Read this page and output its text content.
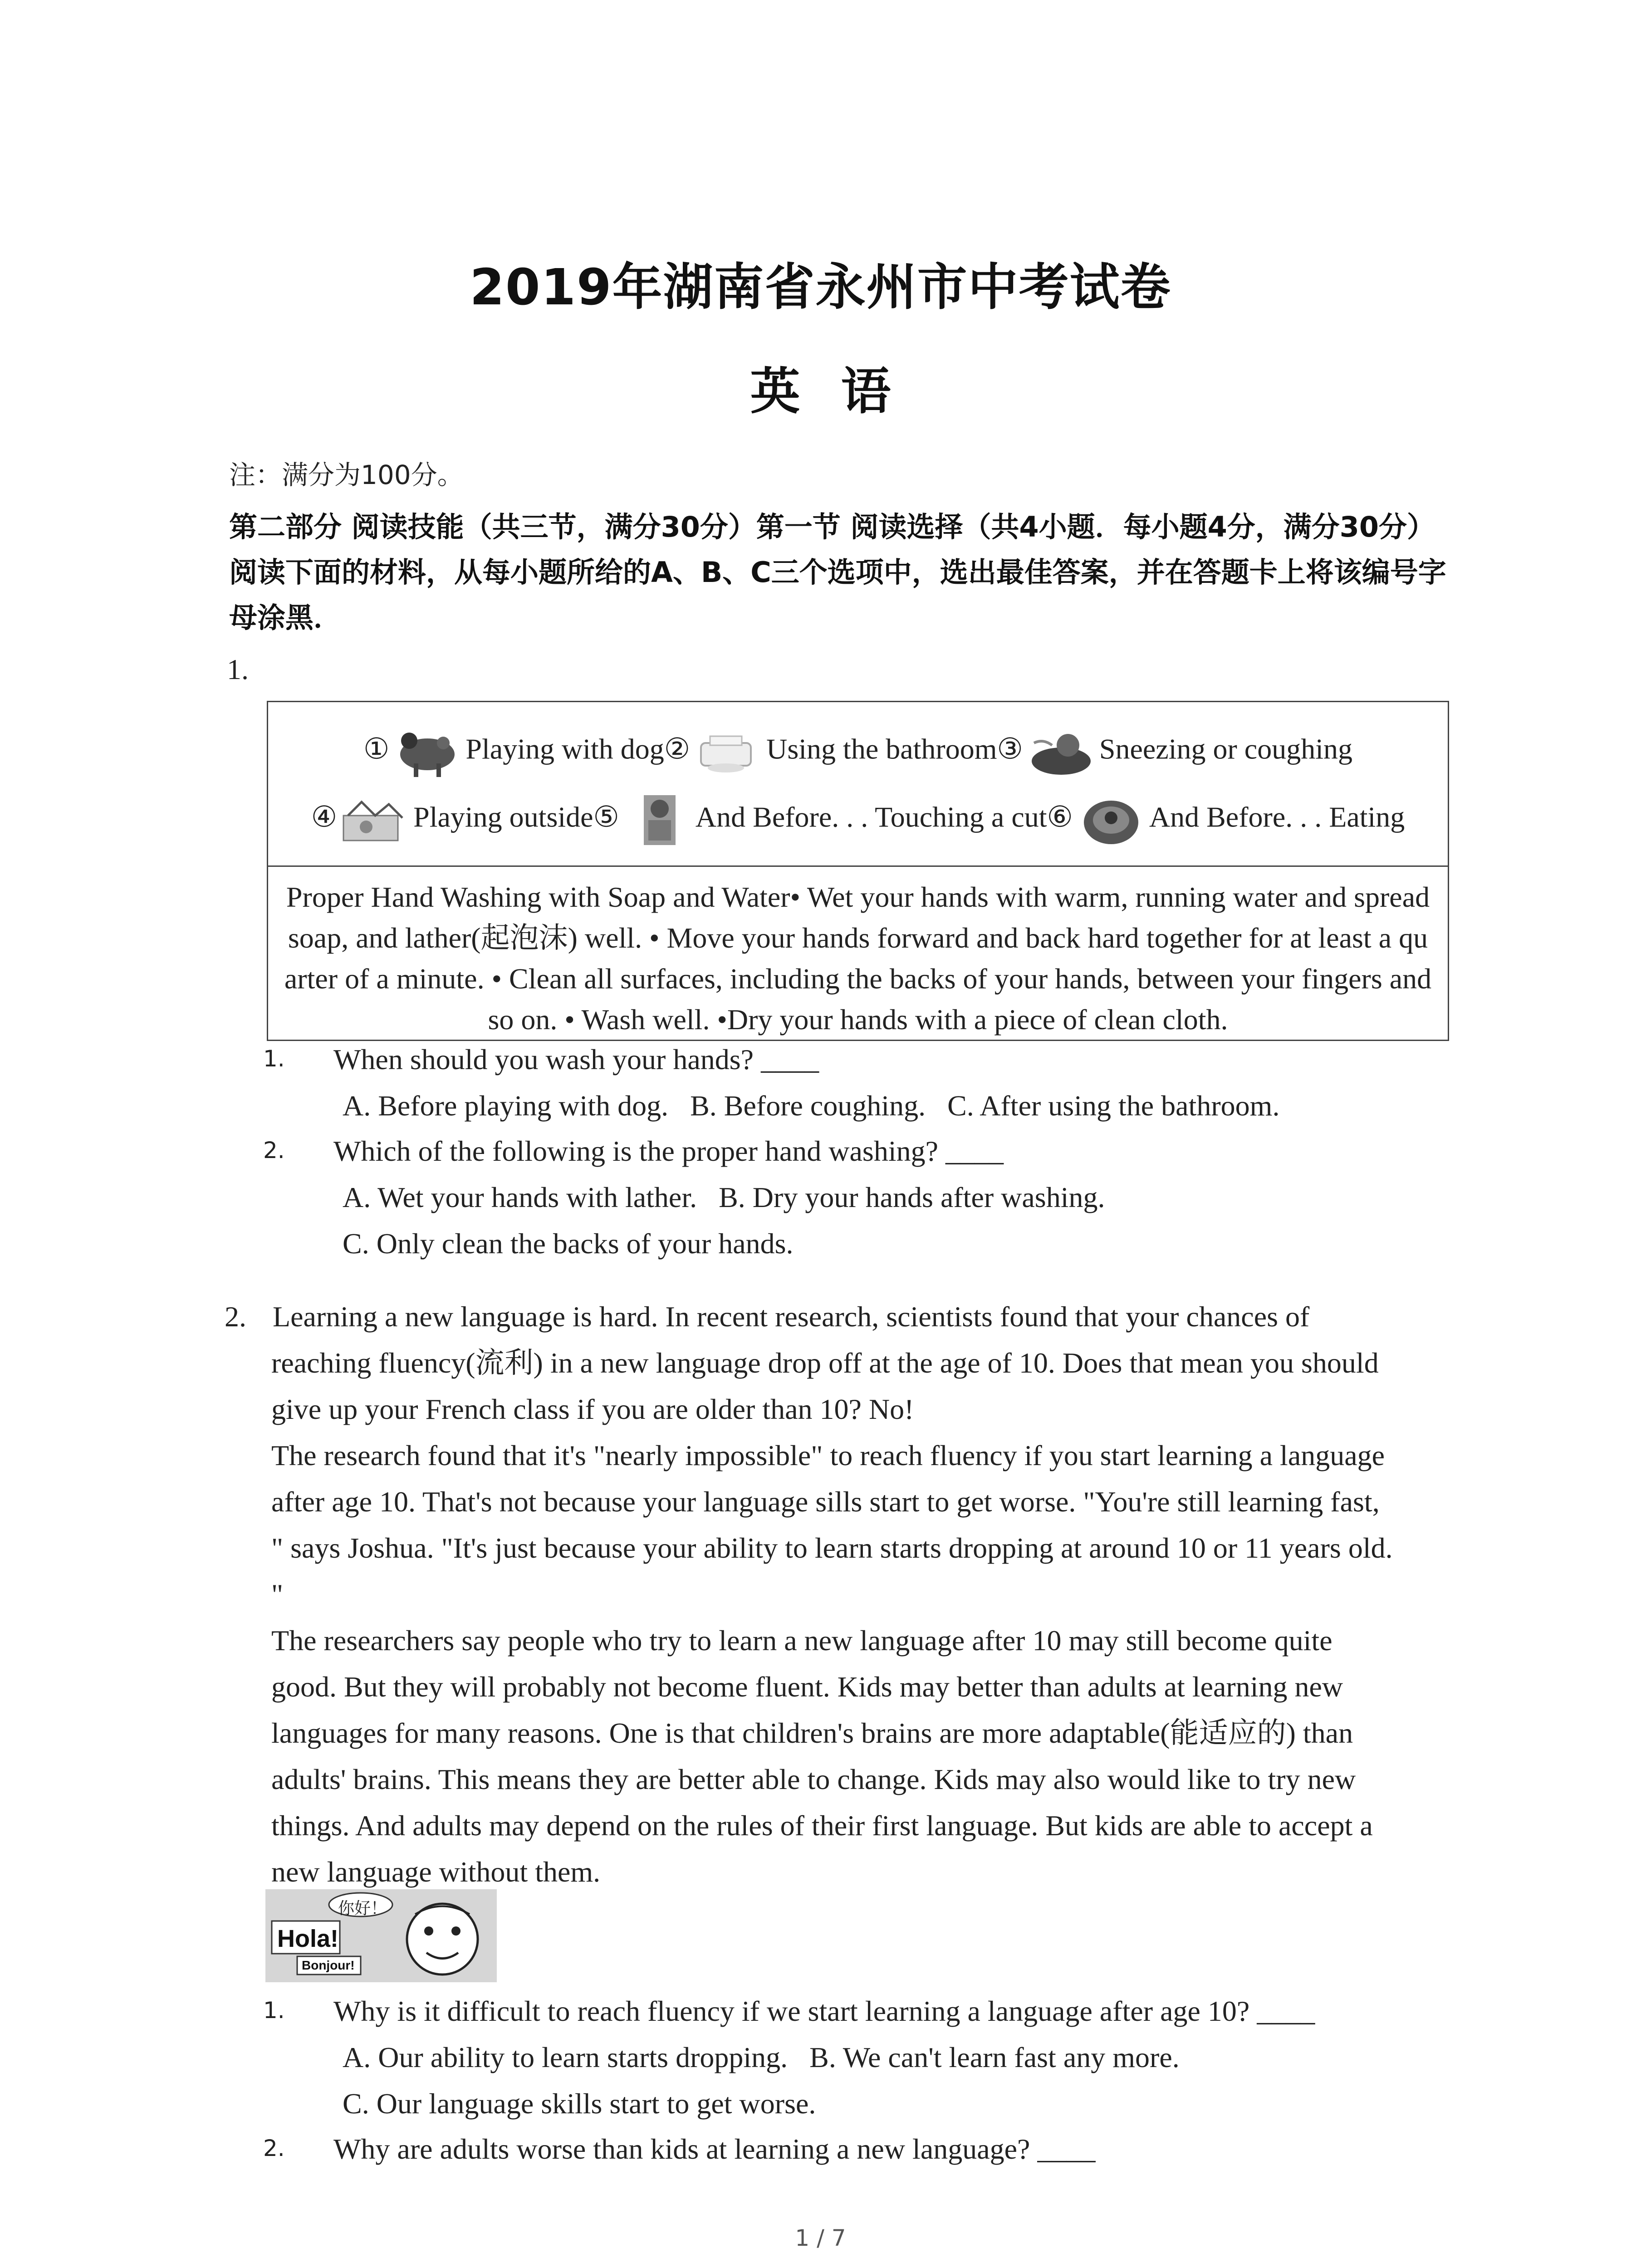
2019年湖南省永州市中考试卷
英语
注：满分为100分。
第二部分 阅读技能（共三节，满分30分）第一节 阅读选择（共4小题．每小题4分，满分30分）阅读下面的材料，从每小题所给的A、B、C三个选项中，选出最佳答案，并在答题卡上将该编号字母涂黑．
1.
①	Playing with dog②	Using the bathroom③	Sneezing or coughing
④	Playing outside⑤	And Before. . . Touching a cut⑥	And Before. . . Eating
Proper Hand Washing with Soap and Water• Wet your hands with warm, running water and spread soap, and lather(起泡沫) well. • Move your hands forward and back hard together for at least a quarter of a minute. • Clean all surfaces, including the backs of your hands, between your fingers and so on. • Wash well. •Dry your hands with a piece of clean cloth.
1. When should you wash your hands? ____
A. Before playing with dog.   B. Before coughing.   C. After using the bathroom.
2. Which of the following is the proper hand washing? ____
A. Wet your hands with lather.   B. Dry your hands after washing.
C. Only clean the backs of your hands.
2. Learning a new language is hard. In recent research, scientists found that your chances of
reaching fluency(流利) in a new language drop off at the age of 10. Does that mean you should
give up your French class if you are older than 10? No!
The research found that it's "nearly impossible" to reach fluency if you start learning a language
after age 10. That's not because your language sills start to get worse. "You're still learning fast,
" says Joshua. "It's just because your ability to learn starts dropping at around 10 or 11 years old.
"
The researchers say people who try to learn a new language after 10 may still become quite
good. But they will probably not become fluent. Kids may better than adults at learning new
languages for many reasons. One is that children's brains are more adaptable(能适应的) than
adults' brains. This means they are better able to change. Kids may also would like to try new
things. And adults may depend on the rules of their first language. But kids are able to accept a
new language without them.
你好！
Hola!
Bonjour!
1. Why is it difficult to reach fluency if we start learning a language after age 10? ____
A. Our ability to learn starts dropping.   B. We can't learn fast any more.
C. Our language skills start to get worse.
2. Why are adults worse than kids at learning a new language? ____
1 / 7
